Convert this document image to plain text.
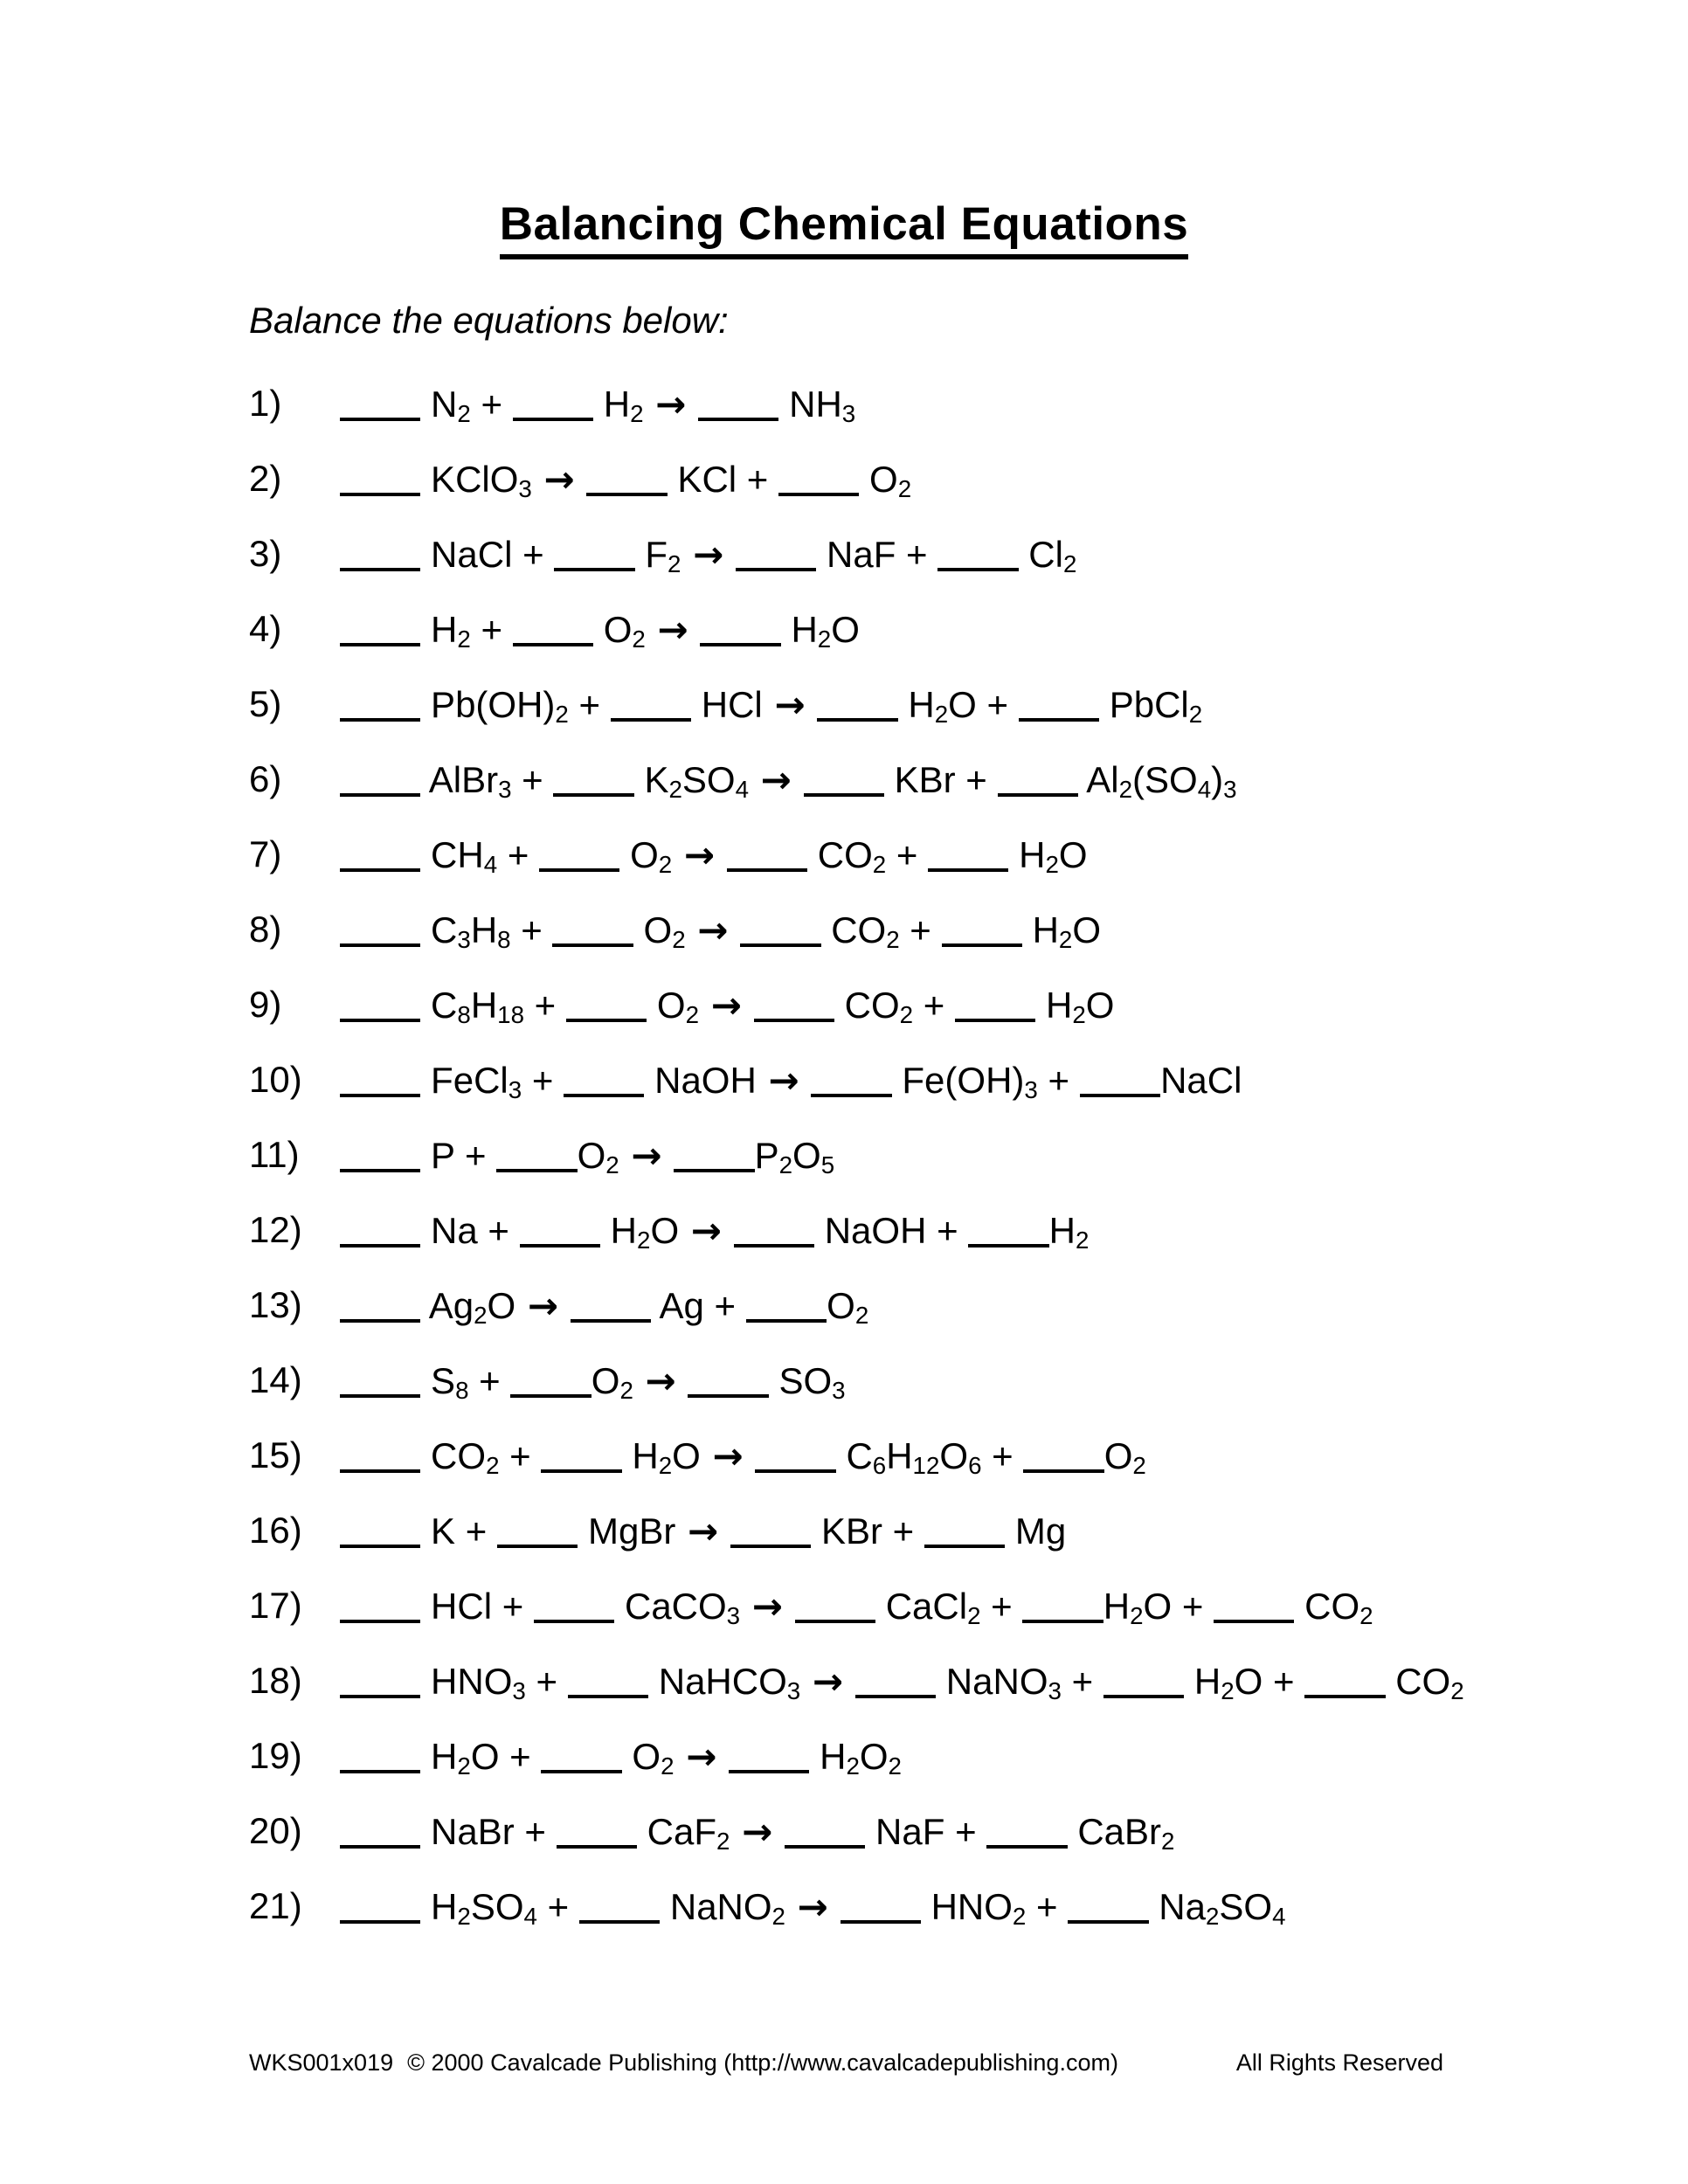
Balancing Chemical Equations

Balance the equations below:

1)	N2 +  H2 →	NH3
2)	KClO3 →	KCl +  O2
3)	NaCl +  F2 →	NaF +  Cl2
4)	H2 +  O2 →	H2O
5)	Pb(OH)2 +  HCl →	H2O +  PbCl2
6)	AlBr3 +  K2SO4 →	KBr +  Al2(SO4)3
7)	CH4 +  O2 →	CO2 +  H2O
8)	C3H8 +  O2 →	CO2 +  H2O
9)	C8H18 +  O2 →	CO2 +  H2O
10)	FeCl3 +  NaOH →	Fe(OH)3 + NaCl
11)	P + O2 →	P2O5
12)	Na +  H2O →	NaOH + H2
13)	Ag2O →	Ag + O2
14)	S8 + O2 →	SO3
15)	CO2 +  H2O →	C6H12O6 + O2
16)	K +  MgBr →	KBr +  Mg
17)	HCl +  CaCO3 →	CaCl2 + H2O +  CO2
18)	HNO3 +  NaHCO3 →	NaNO3 +  H2O +  CO2
19)	H2O +  O2 →	H2O2
20)	NaBr +  CaF2 →	NaF +  CaBr2
21)	H2SO4 +  NaNO2 →	HNO2 +  Na2SO4
WKS001x019 © 2000 Cavalcade Publishing (http://www.cavalcadepublishing.com)	All Rights Reserved
